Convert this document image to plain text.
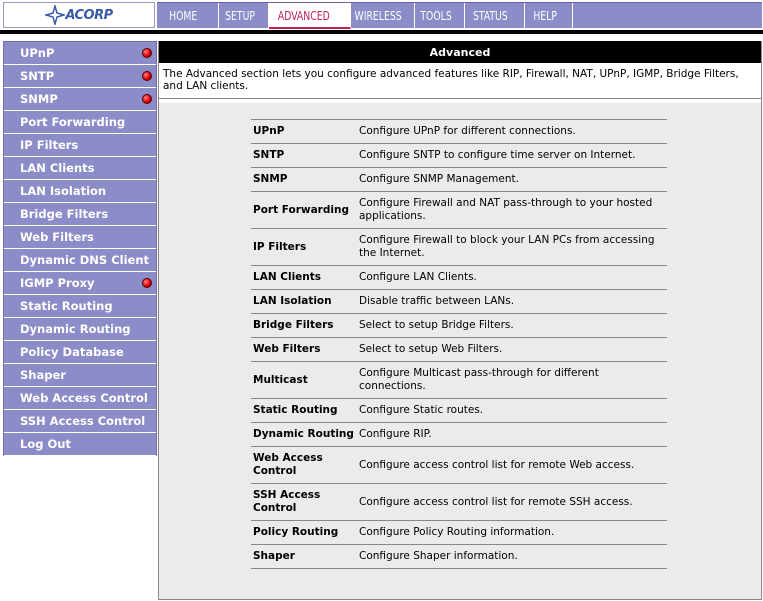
ACORP	HOME	SETUP	ADVANCED	WIRELESS	TOOLS	STATUS	HELP
UPnP
SNTP
SNMP
Port Forwarding
IP Filters
LAN Clients
LAN Isolation
Bridge Filters
Web Filters
Dynamic DNS Client
IGMP Proxy
Static Routing
Dynamic Routing
Policy Database
Shaper
Web Access Control
SSH Access Control
Log Out
Advanced
The Advanced section lets you configure advanced features like RIP, Firewall, NAT, UPnP, IGMP, Bridge Filters, and LAN clients.
UPnP	Configure UPnP for different connections.
SNTP	Configure SNTP to configure time server on Internet.
SNMP	Configure SNMP Management.
Port Forwarding	Configure Firewall and NAT pass-through to your hosted applications.
IP Filters	Configure Firewall to block your LAN PCs from accessing the Internet.
LAN Clients	Configure LAN Clients.
LAN Isolation	Disable traffic between LANs.
Bridge Filters	Select to setup Bridge Filters.
Web Filters	Select to setup Web Filters.
Multicast	Configure Multicast pass-through for different connections.
Static Routing	Configure Static routes.
Dynamic Routing	Configure RIP.
Web Access Control	Configure access control list for remote Web access.
SSH Access Control	Configure access control list for remote SSH access.
Policy Routing	Configure Policy Routing information.
Shaper	Configure Shaper information.
